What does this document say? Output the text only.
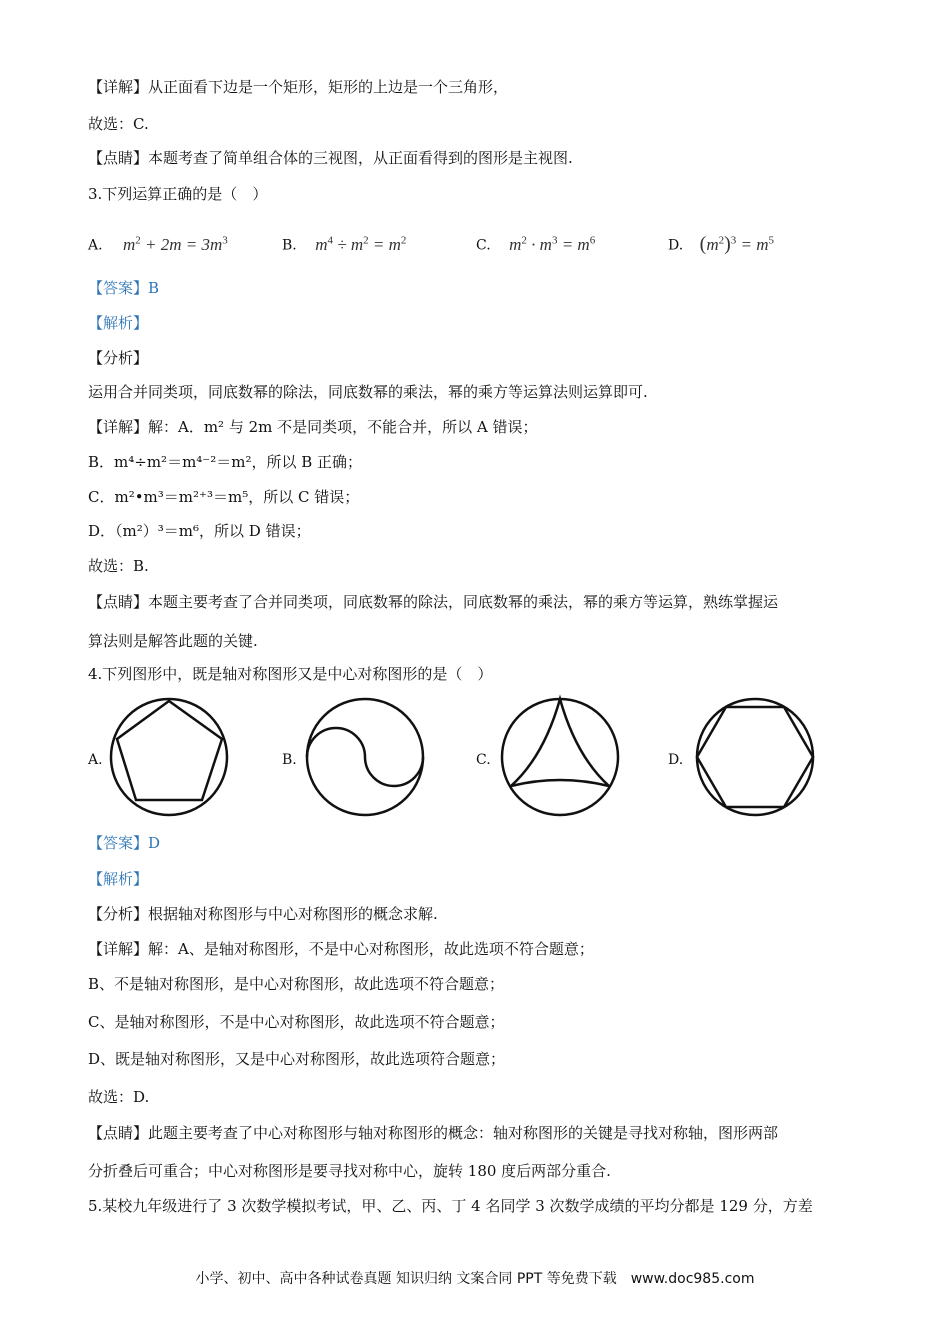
【详解】从正面看下边是一个矩形，矩形的上边是一个三角形，
故选：C.
【点睛】本题考查了简单组合体的三视图，从正面看得到的图形是主视图.
3.下列运算正确的是（　）
A. $m^2 + 2m = 3m^3$	B. $m^4 \div m^2 = m^2$	C. $m^2 \cdot m^3 = m^6$	D. $(m^2)^3 = m^5$
【答案】B
【解析】
【分析】
运用合并同类项，同底数幂的除法，同底数幂的乘法，幂的乘方等运算法则运算即可.
【详解】解：A．m² 与 2m 不是同类项，不能合并，所以 A 错误；
B．m⁴÷m²＝m⁴⁻²＝m²，所以 B 正确；
C．m²•m³＝m²⁺³＝m⁵，所以 C 错误；
D．（m²）³＝m⁶，所以 D 错误；
故选：B.
【点睛】本题主要考查了合并同类项，同底数幂的除法，同底数幂的乘法，幂的乘方等运算，熟练掌握运
算法则是解答此题的关键.
4.下列图形中，既是轴对称图形又是中心对称图形的是（　）
A.	B.	C.	D.
【答案】D
【解析】
【分析】根据轴对称图形与中心对称图形的概念求解.
【详解】解：A、是轴对称图形，不是中心对称图形，故此选项不符合题意；
B、不是轴对称图形，是中心对称图形，故此选项不符合题意；
C、是轴对称图形，不是中心对称图形，故此选项不符合题意；
D、既是轴对称图形，又是中心对称图形，故此选项符合题意；
故选：D.
【点睛】此题主要考查了中心对称图形与轴对称图形的概念：轴对称图形的关键是寻找对称轴，图形两部
分折叠后可重合；中心对称图形是要寻找对称中心，旋转 180 度后两部分重合.
5.某校九年级进行了 3 次数学模拟考试，甲、乙、丙、丁 4 名同学 3 次数学成绩的平均分都是 129 分，方差
小学、初中、高中各种试卷真题 知识归纳 文案合同 PPT 等免费下载　www.doc985.com
